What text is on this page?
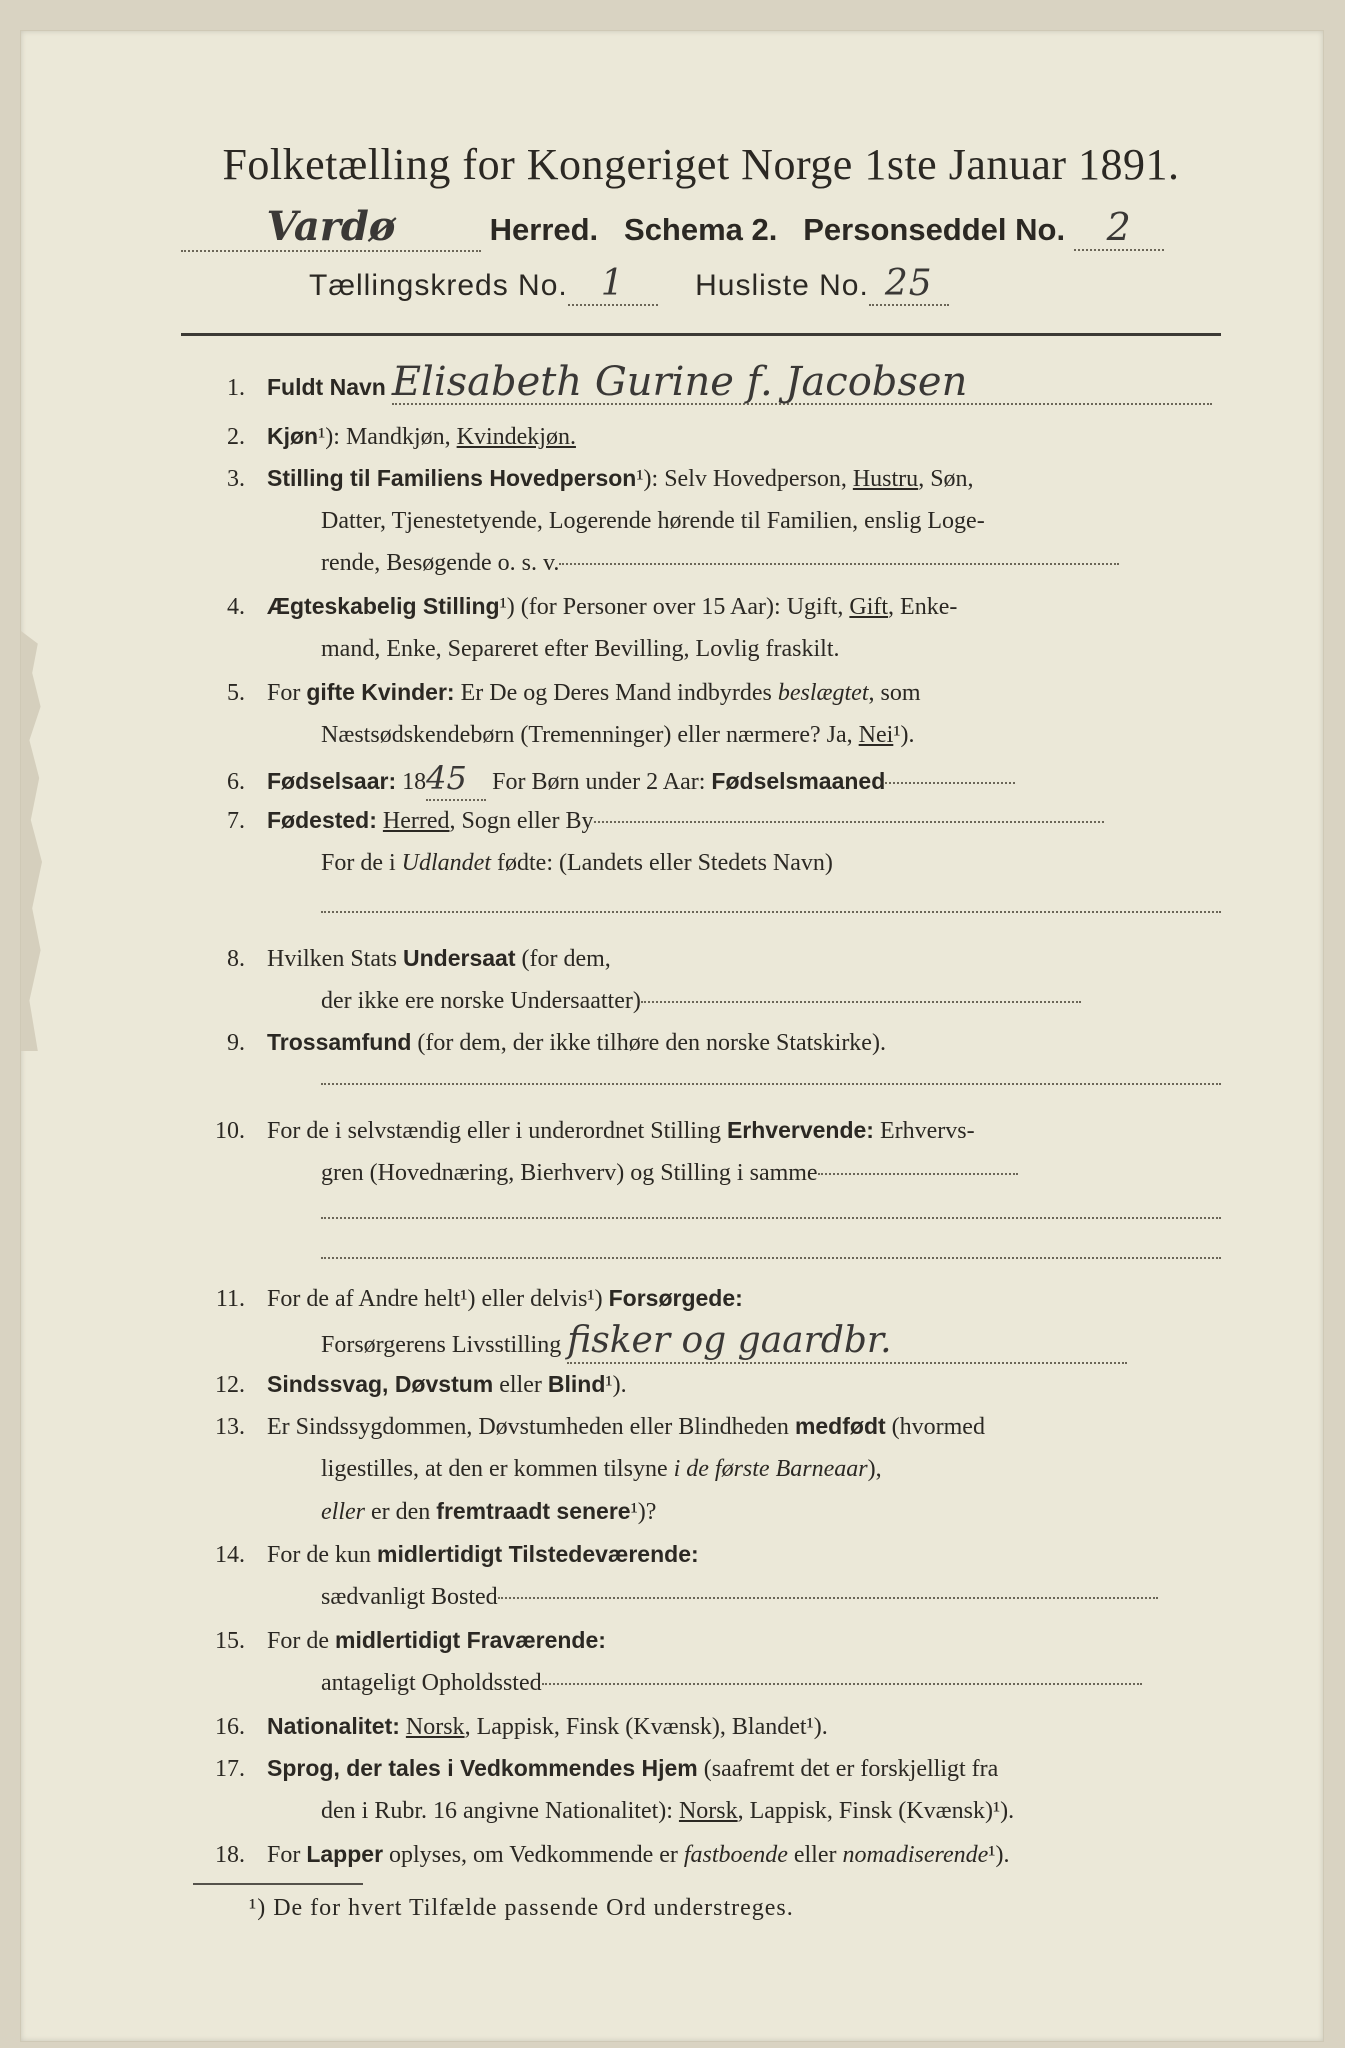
Folketælling for Kongeriget Norge 1ste Januar 1891.
Vardø	Herred. Schema 2. Personseddel No. 2
Tællingskreds No. 1 Husliste No. 25
1. Fuldt Navn Elisabeth Gurine f. Jacobsen
2. Kjøn¹): Mandkjøn, Kvindekjøn.
3. Stilling til Familiens Hovedperson¹): Selv Hovedperson, Hustru, Søn,
Datter, Tjenestetyende, Logerende hørende til Familien, enslig Loge-
rende, Besøgende o. s. v.
4. Ægteskabelig Stilling¹) (for Personer over 15 Aar): Ugift, Gift, Enke-
mand, Enke, Separeret efter Bevilling, Lovlig fraskilt.
5. For gifte Kvinder: Er De og Deres Mand indbyrdes beslægtet, som
Næstsødskendebørn (Tremenninger) eller nærmere? Ja, Nei¹).
6. Fødselsaar: 1845 For Børn under 2 Aar: Fødselsmaaned
7. Fødested: Herred, Sogn eller By
For de i Udlandet fødte: (Landets eller Stedets Navn)
8. Hvilken Stats Undersaat (for dem,
der ikke ere norske Undersaatter)
9. Trossamfund (for dem, der ikke tilhøre den norske Statskirke).
10. For de i selvstændig eller i underordnet Stilling Erhvervende: Erhvervs-
gren (Hovednæring, Bierhverv) og Stilling i samme
11. For de af Andre helt¹) eller delvis¹) Forsørgede:
Forsørgerens Livsstilling fisker og gaardbr.
12. Sindssvag, Døvstum eller Blind¹).
13. Er Sindssygdommen, Døvstumheden eller Blindheden medfødt (hvormed
ligestilles, at den er kommen tilsyne i de første Barneaar),
eller er den fremtraadt senere¹)?
14. For de kun midlertidigt Tilstedeværende:
sædvanligt Bosted
15. For de midlertidigt Fraværende:
antageligt Opholdssted
16. Nationalitet: Norsk, Lappisk, Finsk (Kvænsk), Blandet¹).
17. Sprog, der tales i Vedkommendes Hjem (saafremt det er forskjelligt fra
den i Rubr. 16 angivne Nationalitet): Norsk, Lappisk, Finsk (Kvænsk)¹).
18. For Lapper oplyses, om Vedkommende er fastboende eller nomadiserende¹).
¹) De for hvert Tilfælde passende Ord understreges.
